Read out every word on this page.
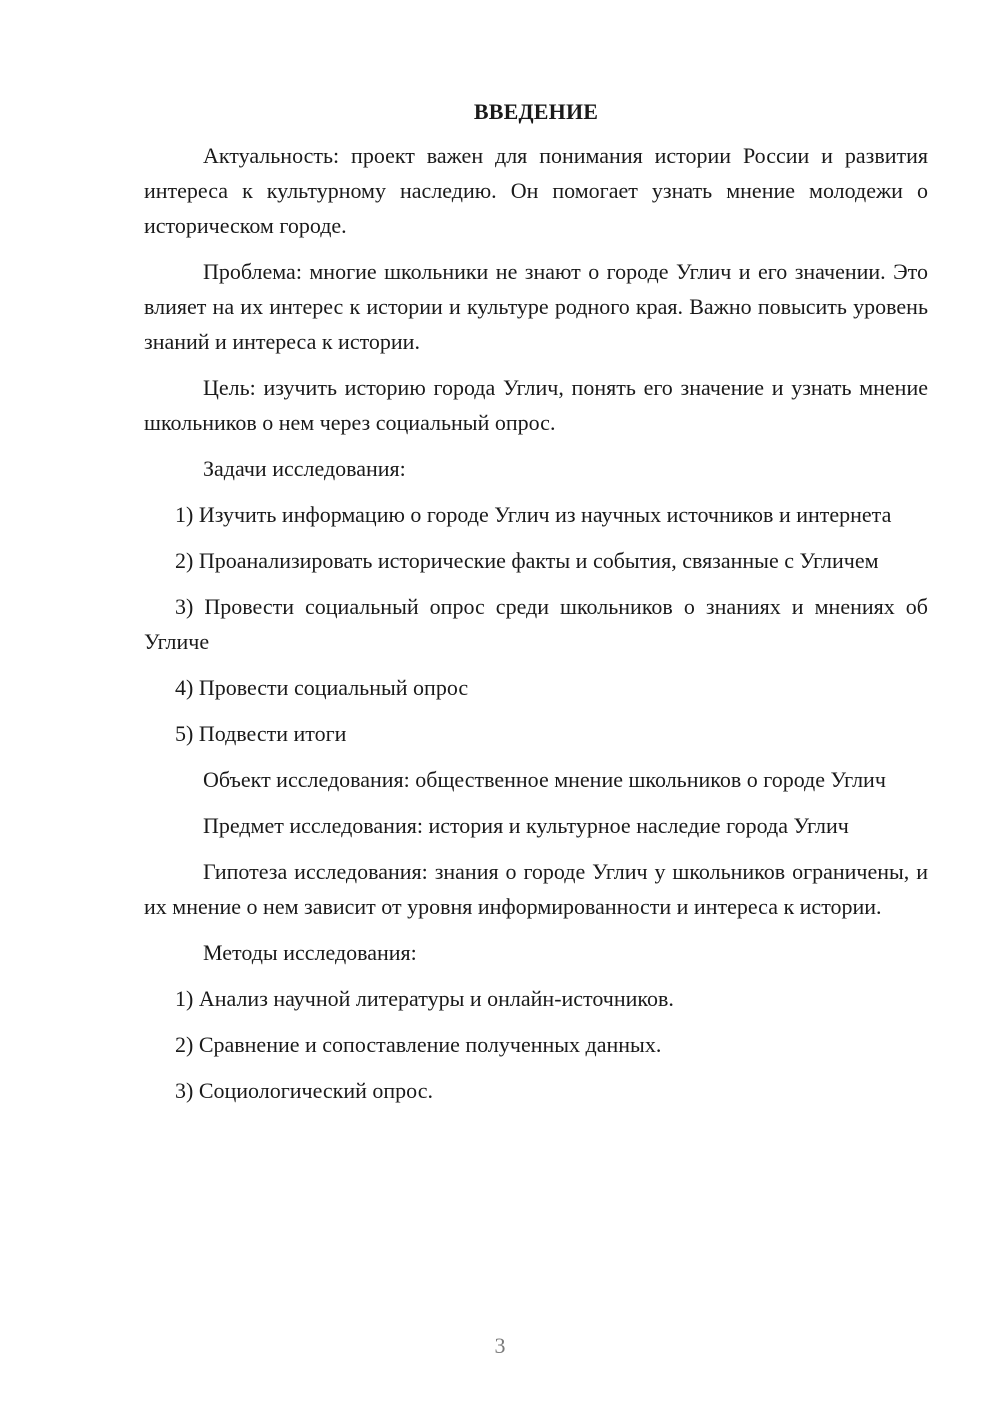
ВВЕДЕНИЕ

Актуальность: проект важен для понимания истории России и развития интереса к культурному наследию. Он помогает узнать мнение молодежи о историческом городе.

Проблема: многие школьники не знают о городе Углич и его значении. Это влияет на их интерес к истории и культуре родного края. Важно повысить уровень знаний и интереса к истории.

Цель: изучить историю города Углич, понять его значение и узнать мнение школьников о нем через социальный опрос.

Задачи исследования:

1) Изучить информацию о городе Углич из научных источников и интернета

2) Проанализировать исторические факты и события, связанные с Угличем

3) Провести социальный опрос среди школьников о знаниях и мнениях об Угличе

4) Провести социальный опрос

5) Подвести итоги

Объект исследования: общественное мнение школьников о городе Углич

Предмет исследования: история и культурное наследие города Углич

Гипотеза исследования: знания о городе Углич у школьников ограничены, и их мнение о нем зависит от уровня информированности и интереса к истории.

Методы исследования:

1) Анализ научной литературы и онлайн-источников.

2) Сравнение и сопоставление полученных данных.

3) Социологический опрос.

3
